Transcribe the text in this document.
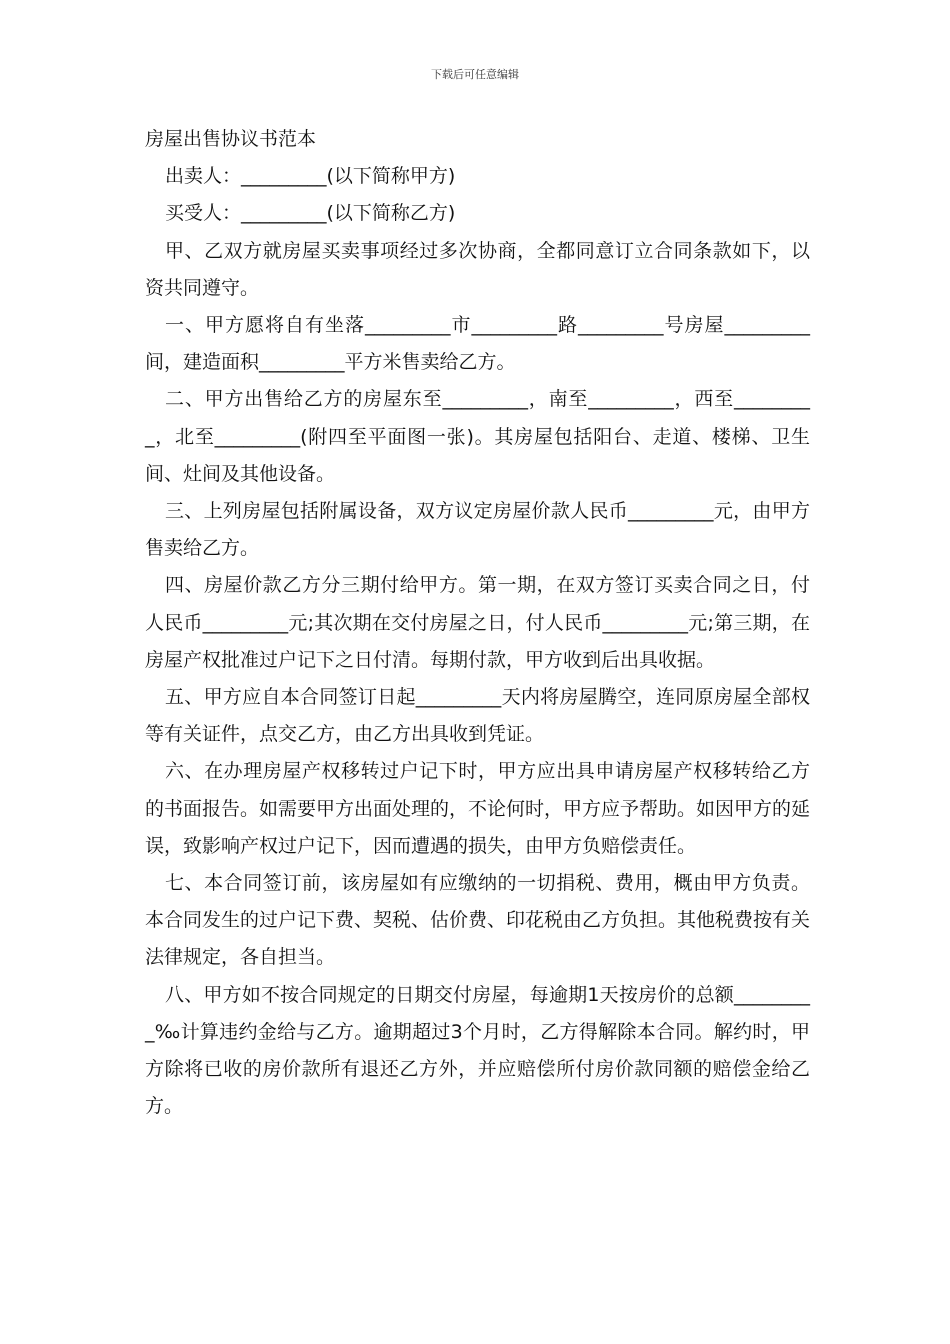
下载后可任意编辑

房屋出售协议书范本

出卖人：_________(以下简称甲方)

买受人：_________(以下简称乙方)

甲、乙双方就房屋买卖事项经过多次协商，全都同意订立合同条款如下，以资共同遵守。

一、甲方愿将自有坐落_________市_________路_________号房屋_________间，建造面积_________平方米售卖给乙方。

二、甲方出售给乙方的房屋东至_________，南至_________，西至_________，北至_________(附四至平面图一张)。其房屋包括阳台、走道、楼梯、卫生间、灶间及其他设备。

三、上列房屋包括附属设备，双方议定房屋价款人民币_________元，由甲方售卖给乙方。

四、房屋价款乙方分三期付给甲方。第一期，在双方签订买卖合同之日，付人民币_________元;其次期在交付房屋之日，付人民币_________元;第三期，在房屋产权批准过户记下之日付清。每期付款，甲方收到后出具收据。

五、甲方应自本合同签订日起_________天内将房屋腾空，连同原房屋全部权等有关证件，点交乙方，由乙方出具收到凭证。

六、在办理房屋产权移转过户记下时，甲方应出具申请房屋产权移转给乙方的书面报告。如需要甲方出面处理的，不论何时，甲方应予帮助。如因甲方的延误，致影响产权过户记下，因而遭遇的损失，由甲方负赔偿责任。

七、本合同签订前，该房屋如有应缴纳的一切捐税、费用，概由甲方负责。本合同发生的过户记下费、契税、估价费、印花税由乙方负担。其他税费按有关法律规定，各自担当。

八、甲方如不按合同规定的日期交付房屋，每逾期1天按房价的总额_________‰计算违约金给与乙方。逾期超过3个月时，乙方得解除本合同。解约时，甲方除将已收的房价款所有退还乙方外，并应赔偿所付房价款同额的赔偿金给乙方。
